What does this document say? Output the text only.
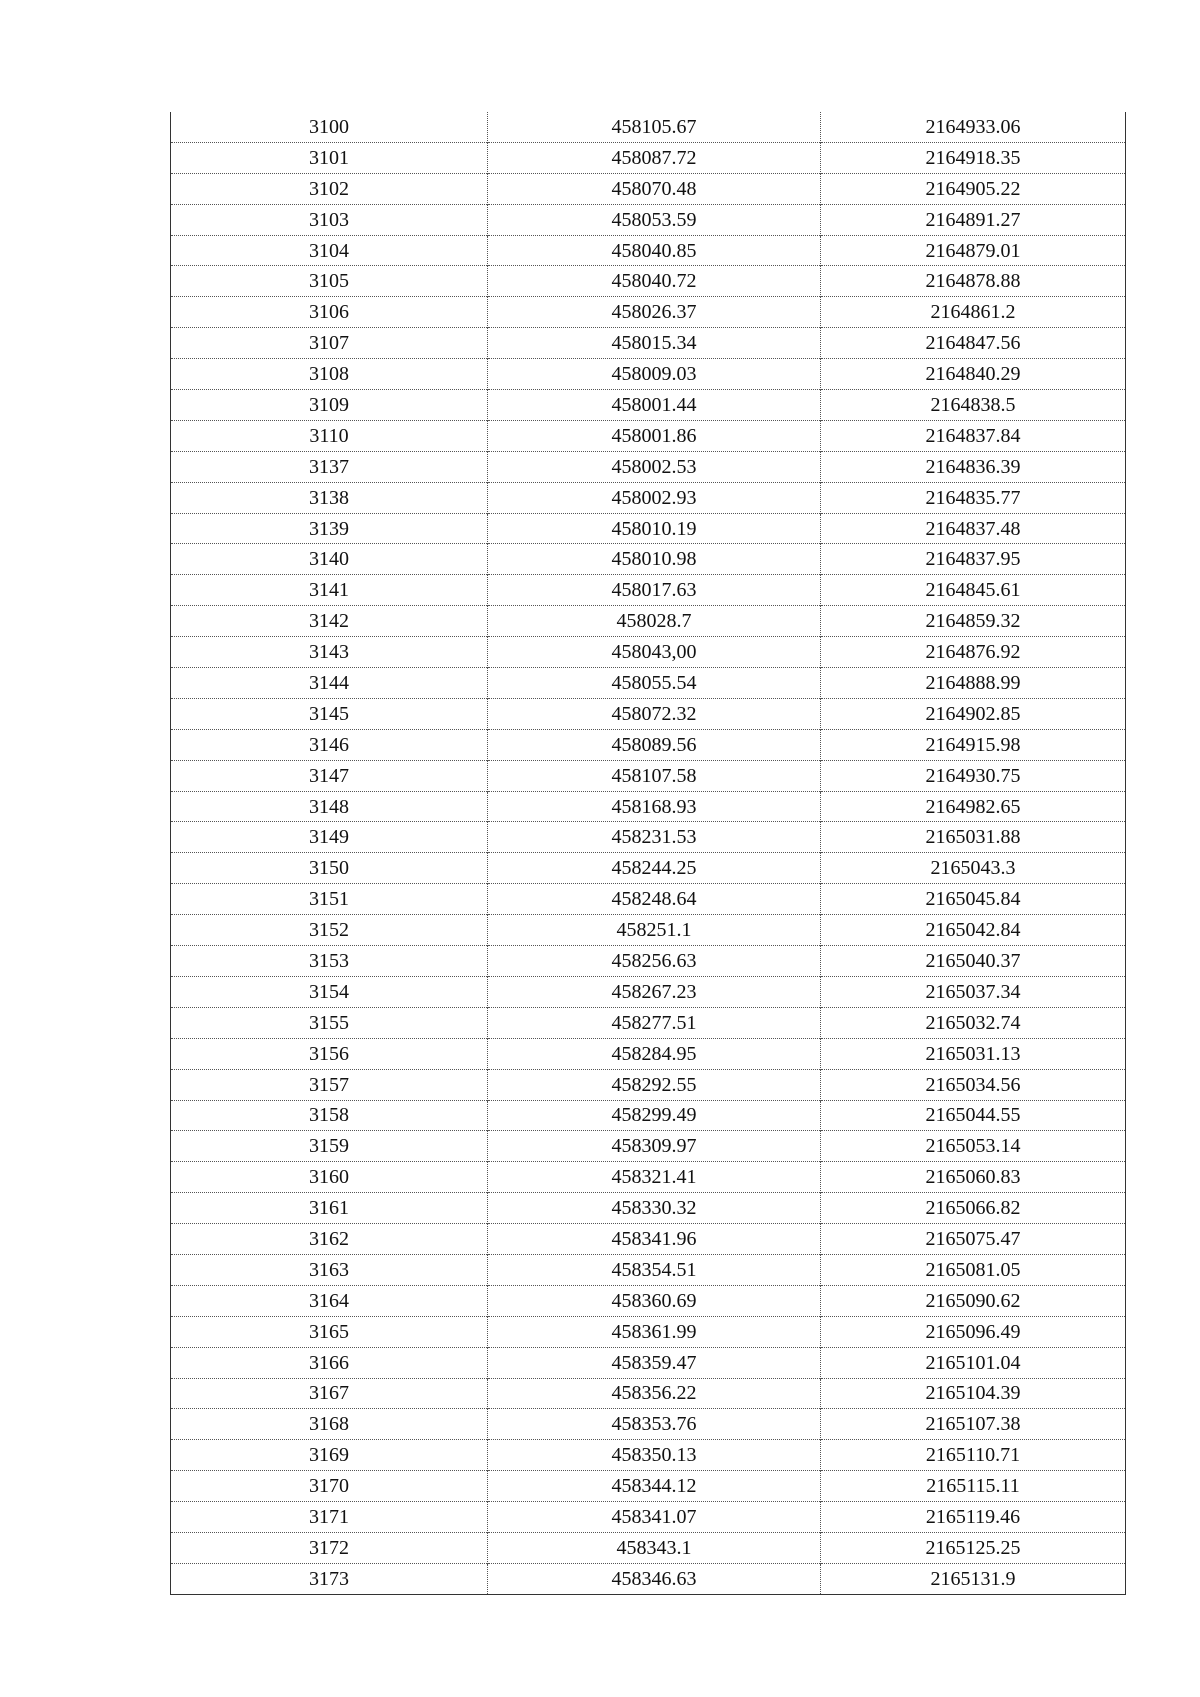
3100	458105.67	2164933.06
3101	458087.72	2164918.35
3102	458070.48	2164905.22
3103	458053.59	2164891.27
3104	458040.85	2164879.01
3105	458040.72	2164878.88
3106	458026.37	2164861.2
3107	458015.34	2164847.56
3108	458009.03	2164840.29
3109	458001.44	2164838.5
3110	458001.86	2164837.84
3137	458002.53	2164836.39
3138	458002.93	2164835.77
3139	458010.19	2164837.48
3140	458010.98	2164837.95
3141	458017.63	2164845.61
3142	458028.7	2164859.32
3143	458043,00	2164876.92
3144	458055.54	2164888.99
3145	458072.32	2164902.85
3146	458089.56	2164915.98
3147	458107.58	2164930.75
3148	458168.93	2164982.65
3149	458231.53	2165031.88
3150	458244.25	2165043.3
3151	458248.64	2165045.84
3152	458251.1	2165042.84
3153	458256.63	2165040.37
3154	458267.23	2165037.34
3155	458277.51	2165032.74
3156	458284.95	2165031.13
3157	458292.55	2165034.56
3158	458299.49	2165044.55
3159	458309.97	2165053.14
3160	458321.41	2165060.83
3161	458330.32	2165066.82
3162	458341.96	2165075.47
3163	458354.51	2165081.05
3164	458360.69	2165090.62
3165	458361.99	2165096.49
3166	458359.47	2165101.04
3167	458356.22	2165104.39
3168	458353.76	2165107.38
3169	458350.13	2165110.71
3170	458344.12	2165115.11
3171	458341.07	2165119.46
3172	458343.1	2165125.25
3173	458346.63	2165131.9
